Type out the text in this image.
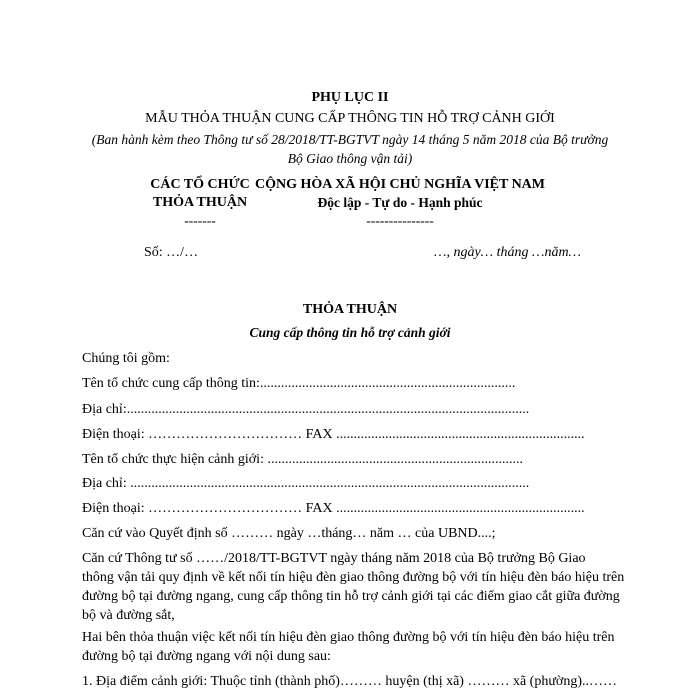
PHỤ LỤC II
MẪU THỎA THUẬN CUNG CẤP THÔNG TIN HỖ TRỢ CẢNH GIỚI
(Ban hành kèm theo Thông tư số 28/2018/TT-BGTVT ngày 14 tháng 5 năm 2018 của Bộ trưởng
Bộ Giao thông vận tải)
CÁC TỔ CHỨC
THỎA THUẬN
-------
Số: …/…
CỘNG HÒA XÃ HỘI CHỦ NGHĨA VIỆT NAM
Độc lập - Tự do - Hạnh phúc
---------------
…, ngày… tháng …năm…
THỎA THUẬN
Cung cấp thông tin hỗ trợ cảnh giới
Chúng tôi gồm:
Tên tổ chức cung cấp thông tin:.........................................................................
Địa chỉ:...................................................................................................................
Điện thoại: …………………………… FAX .......................................................................
Tên tổ chức thực hiện cảnh giới: .........................................................................
Địa chỉ: ..................................................................................................................
Điện thoại: …………………………… FAX .......................................................................
Căn cứ vào Quyết định số ……… ngày …tháng… năm … của UBND....;
Căn cứ Thông tư số ……/2018/TT-BGTVT ngày tháng năm 2018 của Bộ trưởng Bộ Giao
thông vận tải quy định về kết nối tín hiệu đèn giao thông đường bộ với tín hiệu đèn báo hiệu trên
đường bộ tại đường ngang, cung cấp thông tin hỗ trợ cảnh giới tại các điểm giao cắt giữa đường
bộ và đường sắt,
Hai bên thỏa thuận việc kết nối tín hiệu đèn giao thông đường bộ với tín hiệu đèn báo hiệu trên
đường bộ tại đường ngang với nội dung sau:
1. Địa điểm cảnh giới: Thuộc tỉnh (thành phố)……… huyện (thị xã) ……… xã (phường)..……
